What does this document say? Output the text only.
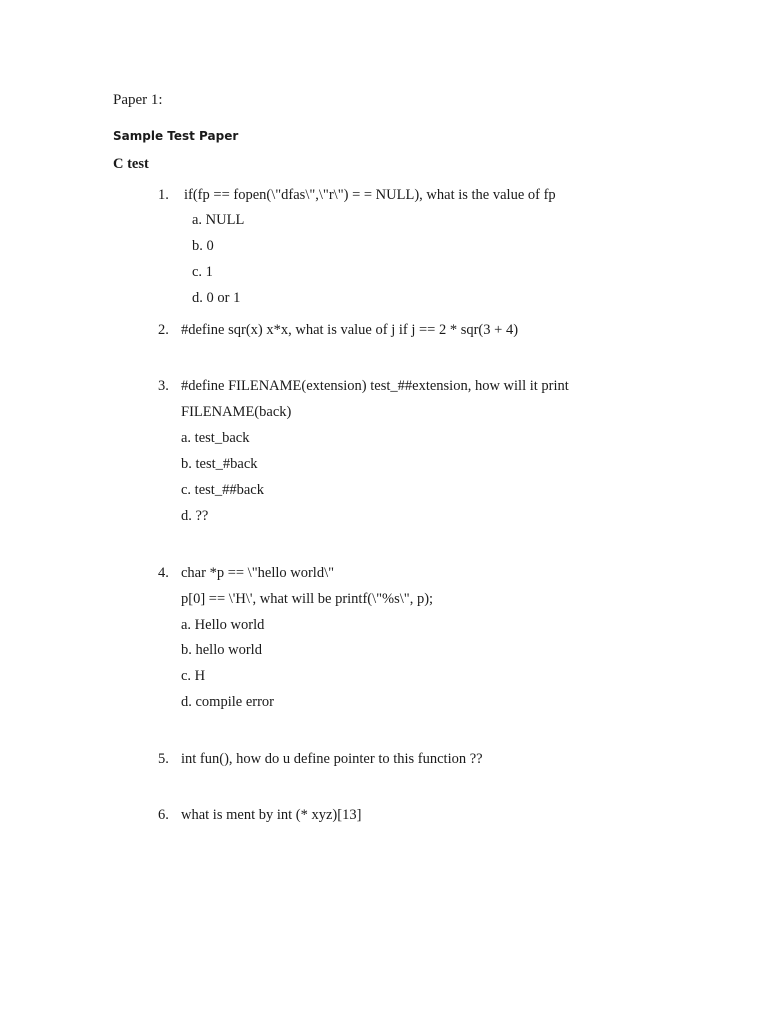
Paper 1:
Sample Test Paper
C test
1. if(fp == fopen(\"dfas\",\"r\") = = NULL), what is the value of fp
a. NULL
b. 0
c. 1
d. 0 or 1
2. #define sqr(x) x*x, what is value of j if j == 2 * sqr(3 + 4)
3. #define FILENAME(extension) test_##extension, how will it print
FILENAME(back)
a. test_back
b. test_#back
c. test_##back
d. ??
4. char *p == \"hello world\"
p[0] == \'H\', what will be printf(\"%s\", p);
a. Hello world
b. hello world
c. H
d. compile error
5. int fun(), how do u define pointer to this function ??
6. what is ment by int (* xyz)[13]
